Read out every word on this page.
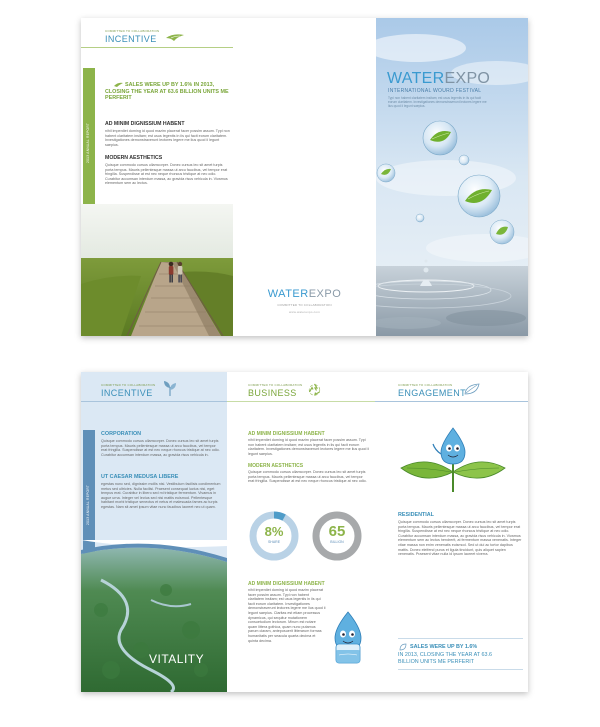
COMMITTED TO COLLABORATION
INCENTIVE
2013 ANNUAL REPORT
SALES WERE UP BY 1.6% IN 2013, CLOSING THE YEAR AT 63.6 BILLION UNITS ME PERFERIT
AD MINIM DIGNISSIUM HABENT
nihil imperdiet doming id quod mazim placerat facer possim assum. Typi non habent claritatem insitam; est usus legentis in iis qui facit eorum claritatem. Investigationes demonstraverunt lectores legere me lius quod ii legunt saepius.
MODERN AESTHETICS
Quisque commodo cursus ullamcorper. Donec cursus leo sit amet turpis porta tempus. Mauris pellentesque massa ut arcu faucibus, vel tempor erat fringilla. Suspendisse at est nec neque rhoncus tristique at nec odio. Curabitur accumsan interdum massa, ac gravida risus vehicula in. Vivamus elementum sem ac lectus.
WATEREXPO
COMMITTED TO COLLABORATION
www.waterexpo.com
WATEREXPO
INTERNATIONAL WOURD FESTIVAL
Typi non habent claritatem insitam; est usus legentis in iis qui facit eorum claritatem. Investigationes demonstraverunt lectores legere me lius quod ii legunt saepius.
COMMITTED TO COLLABORATION
INCENTIVE
2013 ANNUAL REPORT
CORPORATION
Quisque commodo cursus ullamcorper. Donec cursus leo sit amet turpis porta tempus. Mauris pellentesque massa ut arcu faucibus, vel tempor erat fringilla. Suspendisse at est nec neque rhoncus tristique at nec odio. Curabitur accumsan interdum massa, ac gravida risus vehicula in.
UT CAESAR MEDUSA LIBERE
egestas nunc sed, dignissim mollis nisi. Vestibulum facilisis condimentum metus sed ultricies. Nulla facilisi. Praesent consequat luctus nisi, eget tempus erat. Curabitur in libero sed mi tristique fermentum. Vivamus in augue urna. Integer vel lectus sed nisi mattis euismod. Pellentesque habitant morbi tristique senectus et netus et malesuada fames ac turpis egestas. Nam sit amet ipsum vitae nunc faucibus laoreet nec ut quam.
VITALITY
COMMITTED TO COLLABORATION
BUSINESS
AD MINIM DIGNISSIUM HABENT
nihil imperdiet doming id quod mazim placerat facer possim assum. Typi non habent claritatem insitam; est usus legentis in iis qui facit eorum claritatem. Investigationes demonstraverunt lectores legere me lius quod ii legunt saepius.
MODERN AESTHETICS
Quisque commodo cursus ullamcorper. Donec cursus leo sit amet turpis porta tempus. Mauris pellentesque massa ut arcu faucibus, vel tempor erat fringilla. Suspendisse at est nec neque rhoncus tristique at nec odio.
8%
SHARE
65
BILLION
AD MINIM DIGNISSIUM HABENT
nihil imperdiet doming id quod mazim placerat facer possim assum. Typi non habent claritatem insitam; est usus legentis in iis qui facit eorum claritatem. Investigationes demonstraverunt lectores legere me lius quod ii legunt saepius. Claritas est etiam processus dynamicus, qui sequitur mutationem consuetudium lectorum. Mirum est notare quam littera gothica, quam nunc putamus parum claram, anteposuerit litterarum formas humanitatis per seacula quarta decima et quinta decima.
COMMITTED TO COLLABORATION
ENGAGEMENT
RESIDENTIAL
Quisque commodo cursus ullamcorper. Donec cursus leo sit amet turpis porta tempus. Mauris pellentesque massa ut arcu faucibus, vel tempor erat fringilla. Suspendisse at est nec neque rhoncus tristique at nec odio. Curabitur accumsan interdum massa, ac gravida risus vehicula in. Vivamus elementum sem ac lectus hendrerit, at fermentum massa venenatis. Integer vitae massa non enim venenatis euismod. Sed ut dui ac tortor dapibus mattis. Donec eleifend purus et ligula tincidunt, quis aliquet sapien venenatis. Praesent vitae nulla id ipsum laoreet viverra.
SALES WERE UP BY 1.6%
IN 2013, CLOSING THE YEAR AT 63.6 BILLION UNITS ME PERFERIT
